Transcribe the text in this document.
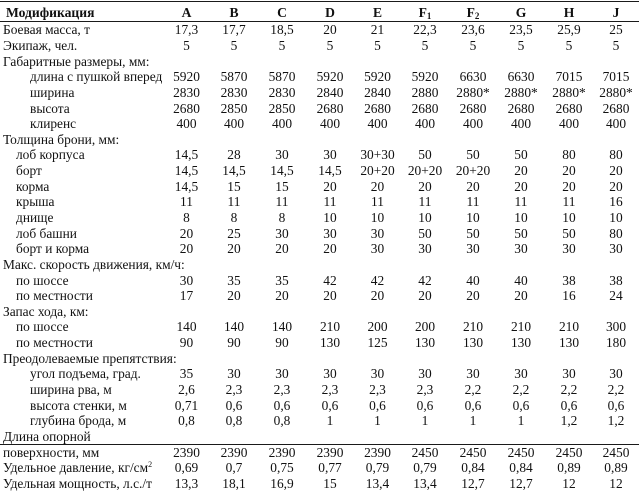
Модификация	A	B	C	D	E	$F_1$	$F_2$	G	H	J
Боевая масса, т	17,3	17,7	18,5	20	21	22,3	23,6	23,5	25,9	25
Экипаж, чел.	5	5	5	5	5	5	5	5	5	5
Габаритные размеры, мм:										
длина с пушкой вперед	5920	5870	5870	5920	5920	5920	6630	6630	7015	7015
ширина	2830	2830	2830	2840	2840	2880	2880*	2880*	2880*	2880*
высота	2680	2850	2850	2680	2680	2680	2680	2680	2680	2680
клиренс	400	400	400	400	400	400	400	400	400	400
Толщина брони, мм:										
лоб корпуса	14,5	28	30	30	30+30	50	50	50	80	80
борт	14,5	14,5	14,5	14,5	20+20	20+20	20+20	20	20	20
корма	14,5	15	15	20	20	20	20	20	20	20
крыша	11	11	11	11	11	11	11	11	11	16
днище	8	8	8	10	10	10	10	10	10	10
лоб башни	20	25	30	30	30	50	50	50	50	80
борт и корма	20	20	20	20	30	30	30	30	30	30
Макс. скорость движения, км/ч:										
по шоссе	30	35	35	42	42	42	40	40	38	38
по местности	17	20	20	20	20	20	20	20	16	24
Запас хода, км:										
по шоссе	140	140	140	210	200	200	210	210	210	300
по местности	90	90	90	130	125	130	130	130	130	180
Преодолеваемые препятствия:										
угол подъема, град.	35	30	30	30	30	30	30	30	30	30
ширина рва, м	2,6	2,3	2,3	2,3	2,3	2,3	2,2	2,2	2,2	2,2
высота стенки, м	0,71	0,6	0,6	0,6	0,6	0,6	0,6	0,6	0,6	0,6
глубина брода, м	0,8	0,8	0,8	1	1	1	1	1	1,2	1,2
Длина опорной										
поверхности, мм	2390	2390	2390	2390	2390	2450	2450	2450	2450	2450
Удельное давление, $кг/см^2$	0,69	0,7	0,75	0,77	0,79	0,79	0,84	0,84	0,89	0,89
Удельная мощность, л.с./т	13,3	18,1	16,9	15	13,4	13,4	12,7	12,7	12	12
